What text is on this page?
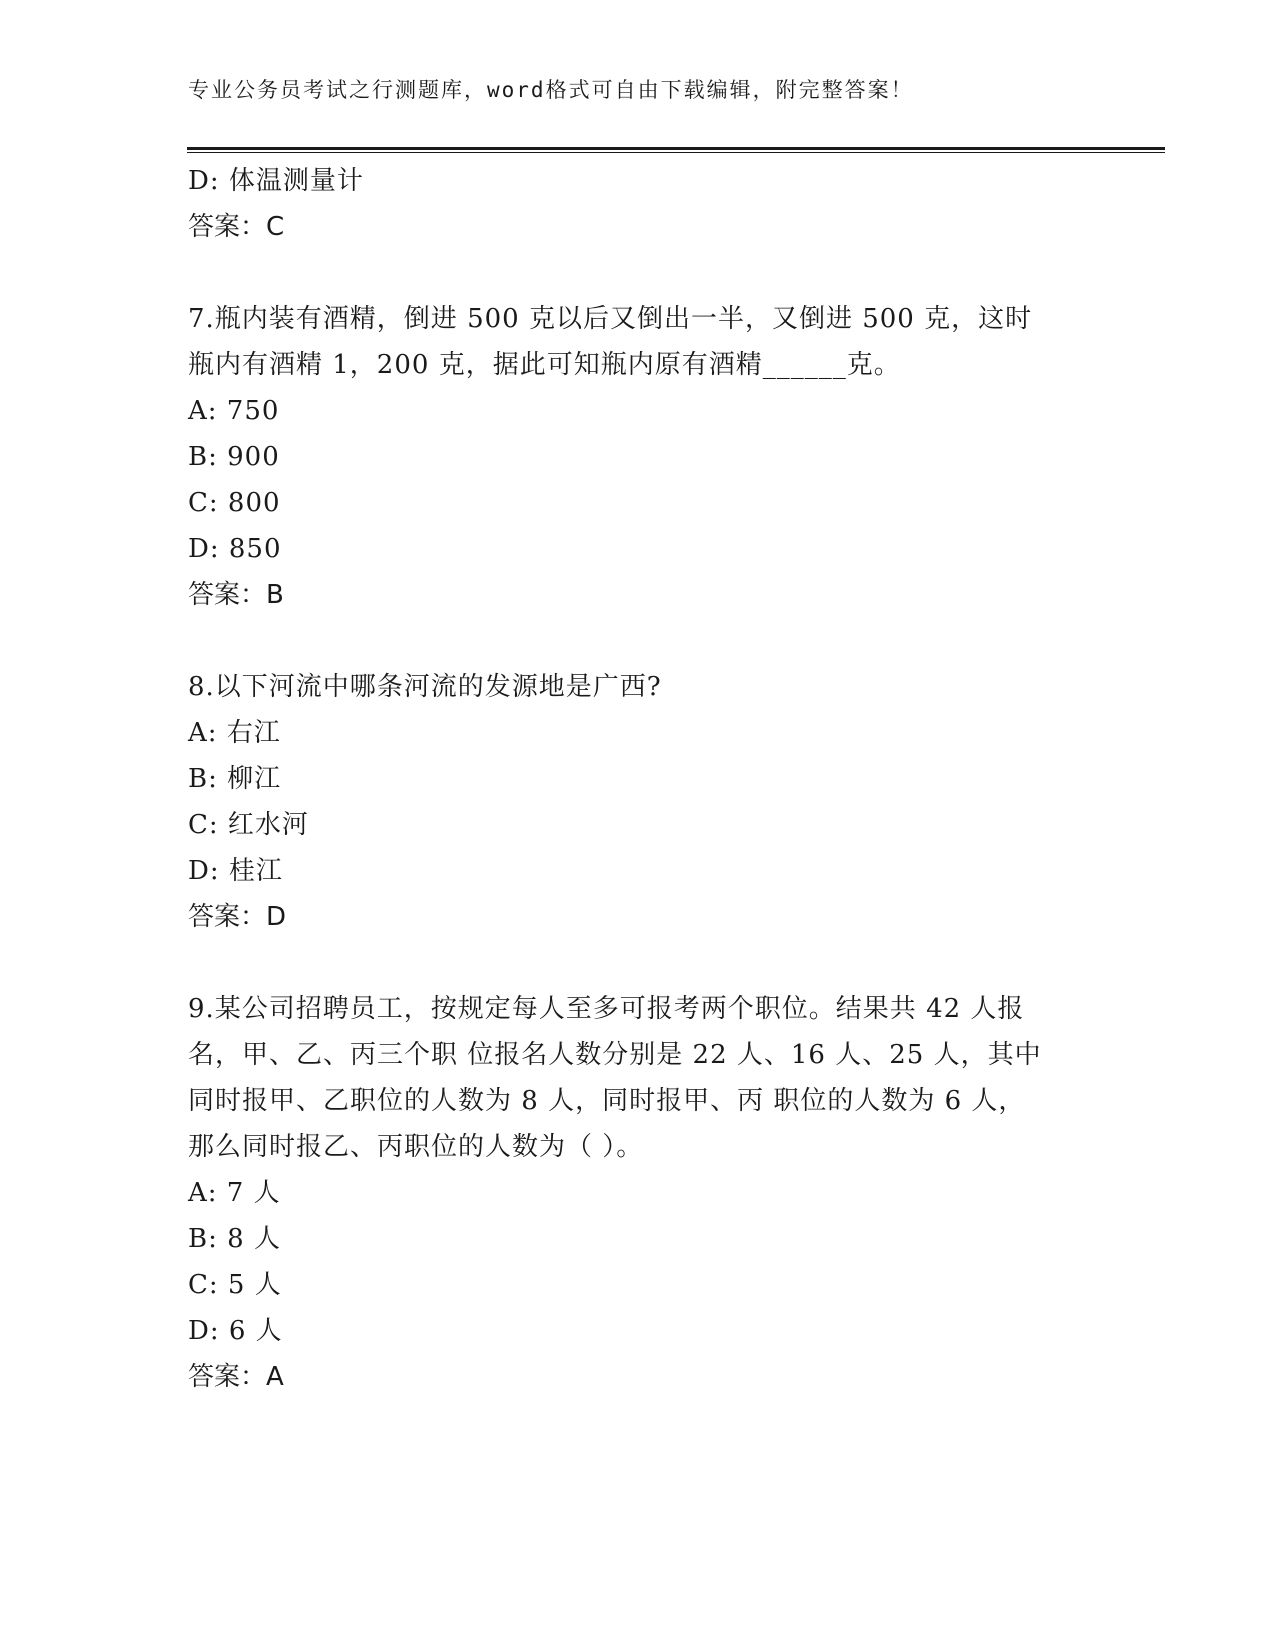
专业公务员考试之行测题库，word格式可自由下载编辑，附完整答案！
D: 体温测量计
答案：C
7.瓶内装有酒精，倒进 500 克以后又倒出一半，又倒进 500 克，这时
瓶内有酒精 1，200 克，据此可知瓶内原有酒精______克。
A: 750
B: 900
C: 800
D: 850
答案：B
8.以下河流中哪条河流的发源地是广西?
A: 右江
B: 柳江
C: 红水河
D: 桂江
答案：D
9.某公司招聘员工，按规定每人至多可报考两个职位。结果共 42 人报
名，甲、乙、丙三个职 位报名人数分别是 22 人、16 人、25 人，其中
同时报甲、乙职位的人数为 8 人，同时报甲、丙 职位的人数为 6 人，
那么同时报乙、丙职位的人数为（ ）。
A: 7 人
B: 8 人
C: 5 人
D: 6 人
答案：A
